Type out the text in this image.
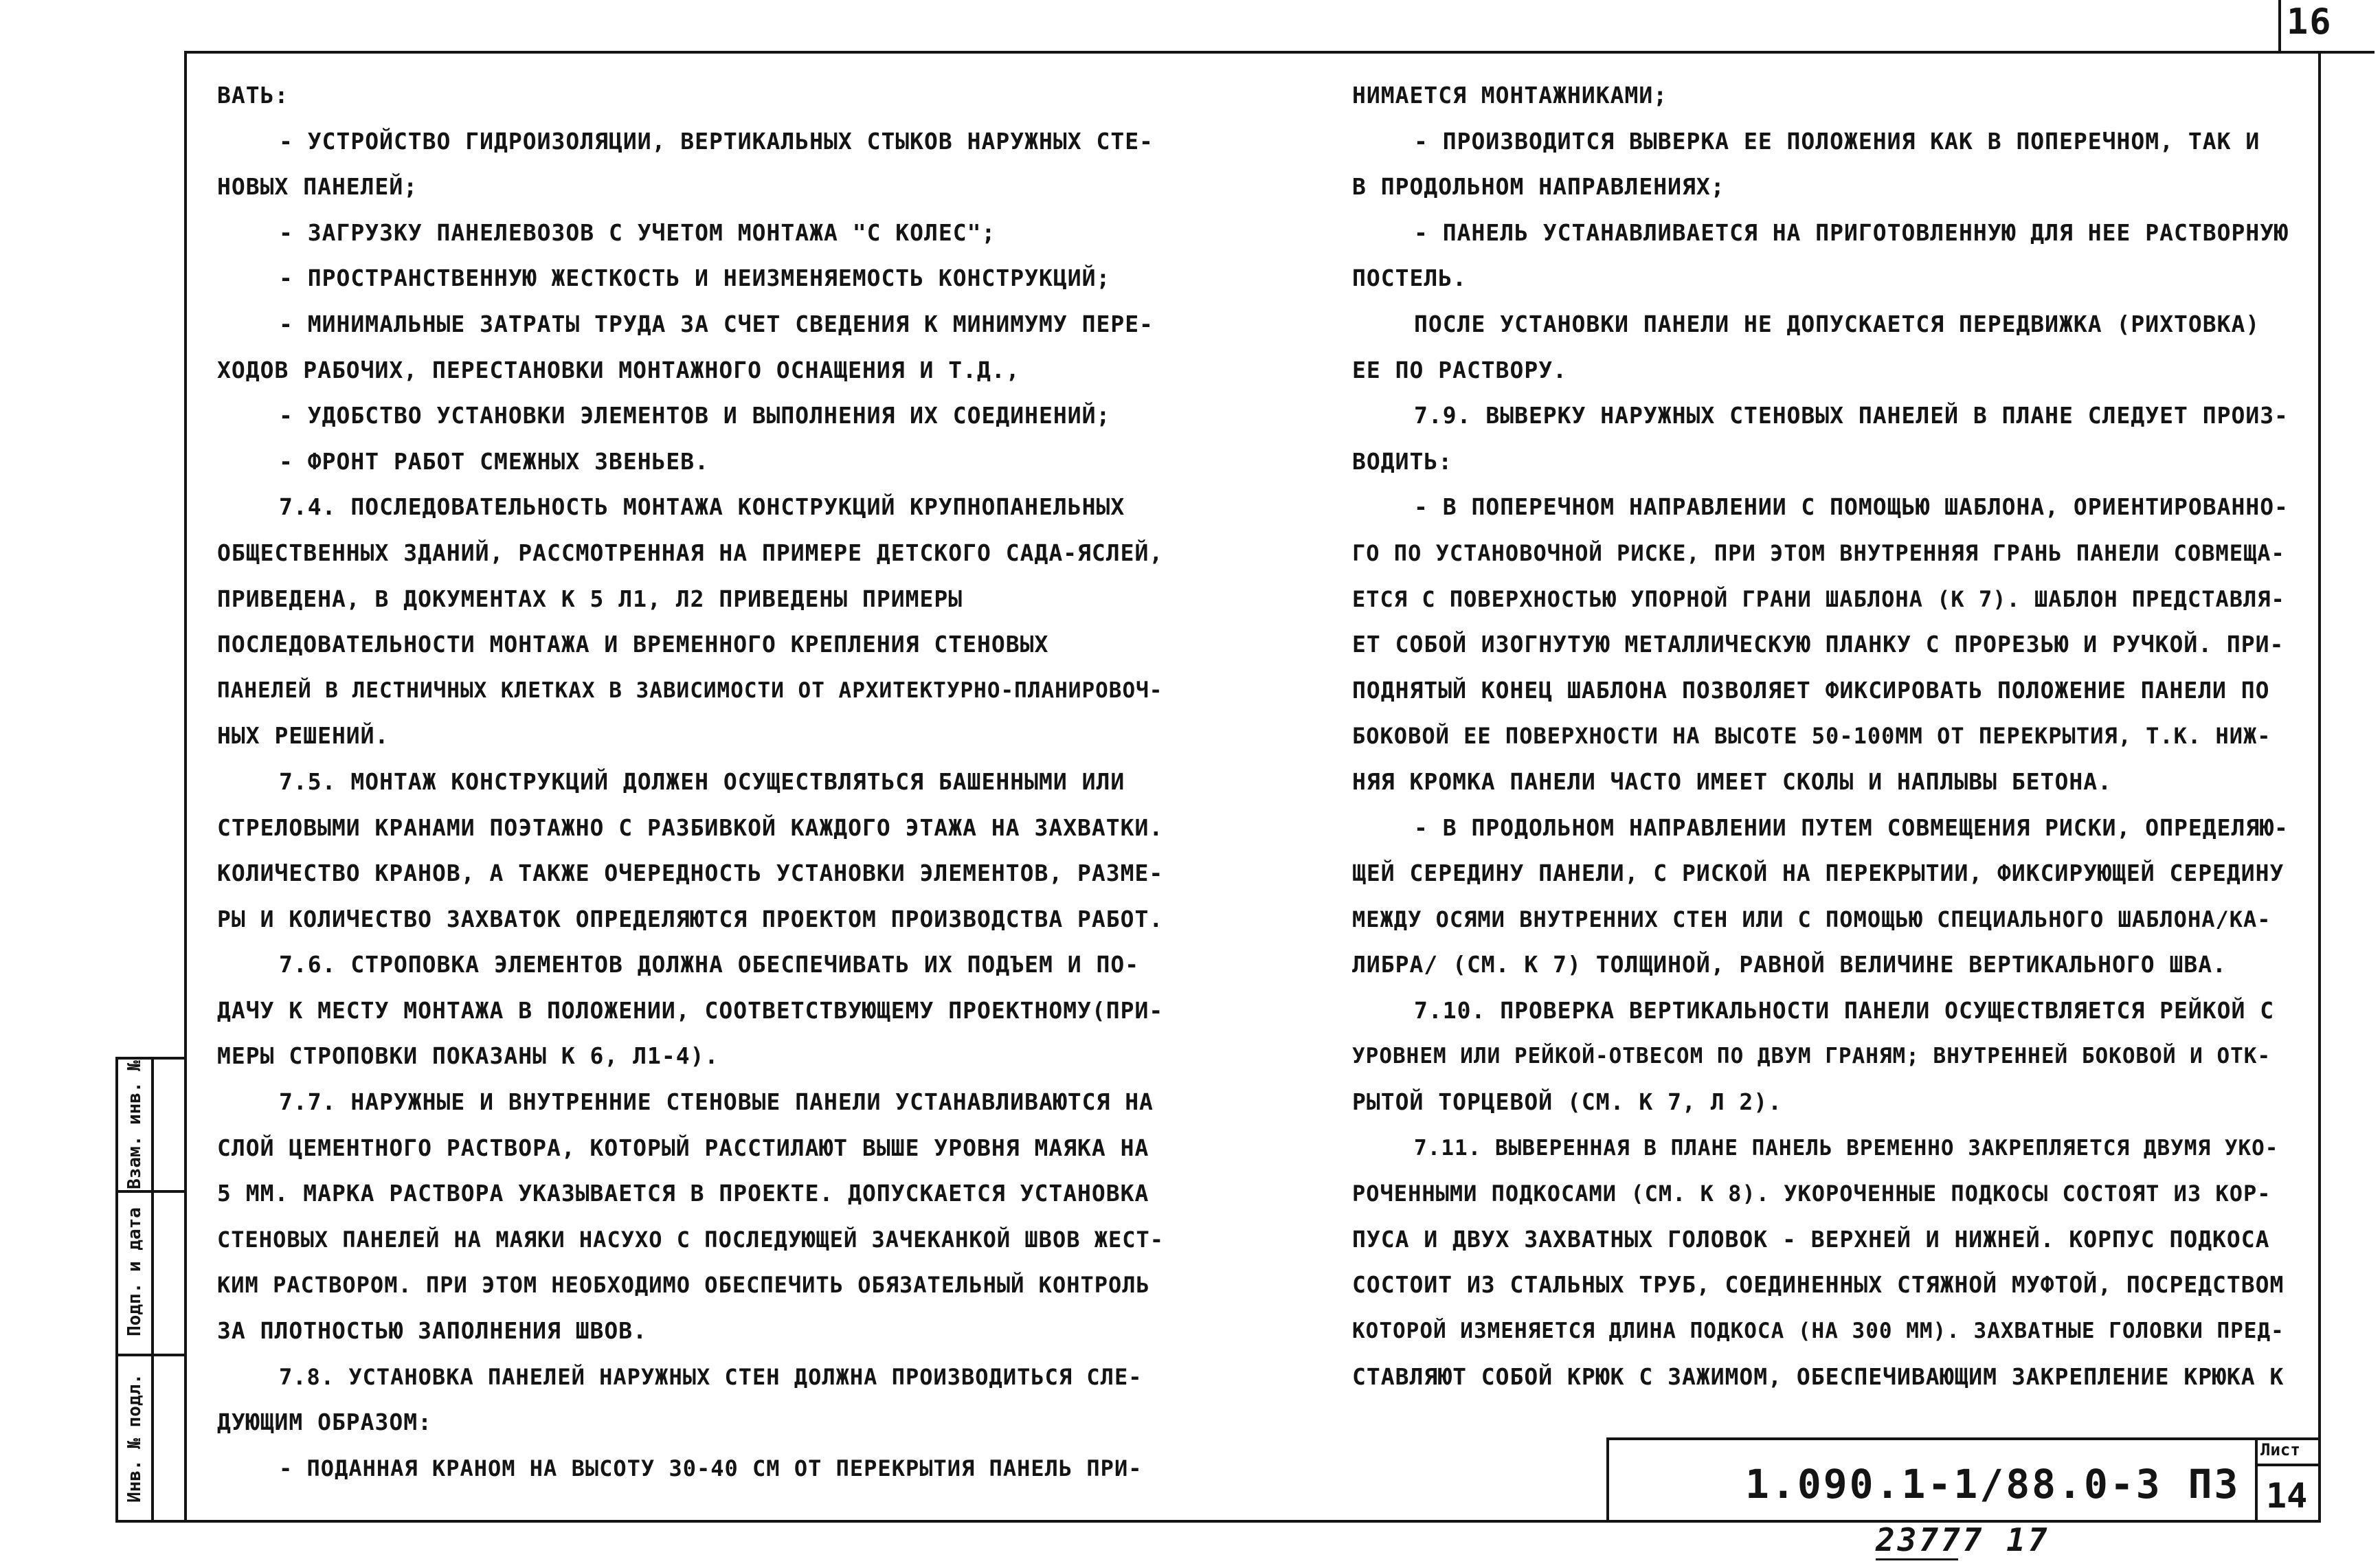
16
ВАТЬ:
- УСТРОЙСТВО ГИДРОИЗОЛЯЦИИ, ВЕРТИКАЛЬНЫХ СТЫКОВ НАРУЖНЫХ СТЕ-
НОВЫХ ПАНЕЛЕЙ;
- ЗАГРУЗКУ ПАНЕЛЕВОЗОВ С УЧЕТОМ МОНТАЖА "С КОЛЕС";
- ПРОСТРАНСТВЕННУЮ ЖЕСТКОСТЬ И НЕИЗМЕНЯЕМОСТЬ КОНСТРУКЦИЙ;
- МИНИМАЛЬНЫЕ ЗАТРАТЫ ТРУДА ЗА СЧЕТ СВЕДЕНИЯ К МИНИМУМУ ПЕРЕ-
ХОДОВ РАБОЧИХ, ПЕРЕСТАНОВКИ МОНТАЖНОГО ОСНАЩЕНИЯ И Т.Д.,
- УДОБСТВО УСТАНОВКИ ЭЛЕМЕНТОВ И ВЫПОЛНЕНИЯ ИХ СОЕДИНЕНИЙ;
- ФРОНТ РАБОТ СМЕЖНЫХ ЗВЕНЬЕВ.
7.4. ПОСЛЕДОВАТЕЛЬНОСТЬ МОНТАЖА КОНСТРУКЦИЙ КРУПНОПАНЕЛЬНЫХ
ОБЩЕСТВЕННЫХ ЗДАНИЙ, РАССМОТРЕННАЯ НА ПРИМЕРЕ ДЕТСКОГО САДА-ЯСЛЕЙ,
ПРИВЕДЕНА, В ДОКУМЕНТАХ К 5 Л1, Л2 ПРИВЕДЕНЫ ПРИМЕРЫ
ПОСЛЕДОВАТЕЛЬНОСТИ МОНТАЖА И ВРЕМЕННОГО КРЕПЛЕНИЯ СТЕНОВЫХ
ПАНЕЛЕЙ В ЛЕСТНИЧНЫХ КЛЕТКАХ В ЗАВИСИМОСТИ ОТ АРХИТЕКТУРНО-ПЛАНИРОВОЧ-
НЫХ РЕШЕНИЙ.
7.5. МОНТАЖ КОНСТРУКЦИЙ ДОЛЖЕН ОСУЩЕСТВЛЯТЬСЯ БАШЕННЫМИ ИЛИ
СТРЕЛОВЫМИ КРАНАМИ ПОЭТАЖНО С РАЗБИВКОЙ КАЖДОГО ЭТАЖА НА ЗАХВАТКИ.
КОЛИЧЕСТВО КРАНОВ, А ТАКЖЕ ОЧЕРЕДНОСТЬ УСТАНОВКИ ЭЛЕМЕНТОВ, РАЗМЕ-
РЫ И КОЛИЧЕСТВО ЗАХВАТОК ОПРЕДЕЛЯЮТСЯ ПРОЕКТОМ ПРОИЗВОДСТВА РАБОТ.
7.6. СТРОПОВКА ЭЛЕМЕНТОВ ДОЛЖНА ОБЕСПЕЧИВАТЬ ИХ ПОДЪЕМ И ПО-
ДАЧУ К МЕСТУ МОНТАЖА В ПОЛОЖЕНИИ, СООТВЕТСТВУЮЩЕМУ ПРОЕКТНОМУ(ПРИ-
МЕРЫ СТРОПОВКИ ПОКАЗАНЫ К 6, Л1-4).
7.7. НАРУЖНЫЕ И ВНУТРЕННИЕ СТЕНОВЫЕ ПАНЕЛИ УСТАНАВЛИВАЮТСЯ НА
СЛОЙ ЦЕМЕНТНОГО РАСТВОРА, КОТОРЫЙ РАССТИЛАЮТ ВЫШЕ УРОВНЯ МАЯКА НА
5 ММ. МАРКА РАСТВОРА УКАЗЫВАЕТСЯ В ПРОЕКТЕ. ДОПУСКАЕТСЯ УСТАНОВКА
СТЕНОВЫХ ПАНЕЛЕЙ НА МАЯКИ НАСУХО С ПОСЛЕДУЮЩЕЙ ЗАЧЕКАНКОЙ ШВОВ ЖЕСТ-
КИМ РАСТВОРОМ. ПРИ ЭТОМ НЕОБХОДИМО ОБЕСПЕЧИТЬ ОБЯЗАТЕЛЬНЫЙ КОНТРОЛЬ
ЗА ПЛОТНОСТЬЮ ЗАПОЛНЕНИЯ ШВОВ.
7.8. УСТАНОВКА ПАНЕЛЕЙ НАРУЖНЫХ СТЕН ДОЛЖНА ПРОИЗВОДИТЬСЯ СЛЕ-
ДУЮЩИМ ОБРАЗОМ:
- ПОДАННАЯ КРАНОМ НА ВЫСОТУ 30-40 СМ ОТ ПЕРЕКРЫТИЯ ПАНЕЛЬ ПРИ-
НИМАЕТСЯ МОНТАЖНИКАМИ;
- ПРОИЗВОДИТСЯ ВЫВЕРКА ЕЕ ПОЛОЖЕНИЯ КАК В ПОПЕРЕЧНОМ, ТАК И
В ПРОДОЛЬНОМ НАПРАВЛЕНИЯХ;
- ПАНЕЛЬ УСТАНАВЛИВАЕТСЯ НА ПРИГОТОВЛЕННУЮ ДЛЯ НЕЕ РАСТВОРНУЮ
ПОСТЕЛЬ.
ПОСЛЕ УСТАНОВКИ ПАНЕЛИ НЕ ДОПУСКАЕТСЯ ПЕРЕДВИЖКА (РИХТОВКА)
ЕЕ ПО РАСТВОРУ.
7.9. ВЫВЕРКУ НАРУЖНЫХ СТЕНОВЫХ ПАНЕЛЕЙ В ПЛАНЕ СЛЕДУЕТ ПРОИЗ-
ВОДИТЬ:
- В ПОПЕРЕЧНОМ НАПРАВЛЕНИИ С ПОМОЩЬЮ ШАБЛОНА, ОРИЕНТИРОВАННО-
ГО ПО УСТАНОВОЧНОЙ РИСКЕ, ПРИ ЭТОМ ВНУТРЕННЯЯ ГРАНЬ ПАНЕЛИ СОВМЕЩА-
ЕТСЯ С ПОВЕРХНОСТЬЮ УПОРНОЙ ГРАНИ ШАБЛОНА (К 7). ШАБЛОН ПРЕДСТАВЛЯ-
ЕТ СОБОЙ ИЗОГНУТУЮ МЕТАЛЛИЧЕСКУЮ ПЛАНКУ С ПРОРЕЗЬЮ И РУЧКОЙ. ПРИ-
ПОДНЯТЫЙ КОНЕЦ ШАБЛОНА ПОЗВОЛЯЕТ ФИКСИРОВАТЬ ПОЛОЖЕНИЕ ПАНЕЛИ ПО
БОКОВОЙ ЕЕ ПОВЕРХНОСТИ НА ВЫСОТЕ 50-100ММ ОТ ПЕРЕКРЫТИЯ, Т.К. НИЖ-
НЯЯ КРОМКА ПАНЕЛИ ЧАСТО ИМЕЕТ СКОЛЫ И НАПЛЫВЫ БЕТОНА.
- В ПРОДОЛЬНОМ НАПРАВЛЕНИИ ПУТЕМ СОВМЕЩЕНИЯ РИСКИ, ОПРЕДЕЛЯЮ-
ЩЕЙ СЕРЕДИНУ ПАНЕЛИ, С РИСКОЙ НА ПЕРЕКРЫТИИ, ФИКСИРУЮЩЕЙ СЕРЕДИНУ
МЕЖДУ ОСЯМИ ВНУТРЕННИХ СТЕН ИЛИ С ПОМОЩЬЮ СПЕЦИАЛЬНОГО ШАБЛОНА/КА-
ЛИБРА/ (СМ. К 7) ТОЛЩИНОЙ, РАВНОЙ ВЕЛИЧИНЕ ВЕРТИКАЛЬНОГО ШВА.
7.10. ПРОВЕРКА ВЕРТИКАЛЬНОСТИ ПАНЕЛИ ОСУЩЕСТВЛЯЕТСЯ РЕЙКОЙ С
УРОВНЕМ ИЛИ РЕЙКОЙ-ОТВЕСОМ ПО ДВУМ ГРАНЯМ; ВНУТРЕННЕЙ БОКОВОЙ И ОТК-
РЫТОЙ ТОРЦЕВОЙ (СМ. К 7, Л 2).
7.11. ВЫВЕРЕННАЯ В ПЛАНЕ ПАНЕЛЬ ВРЕМЕННО ЗАКРЕПЛЯЕТСЯ ДВУМЯ УКО-
РОЧЕННЫМИ ПОДКОСАМИ (СМ. К 8). УКОРОЧЕННЫЕ ПОДКОСЫ СОСТОЯТ ИЗ КОР-
ПУСА И ДВУХ ЗАХВАТНЫХ ГОЛОВОК - ВЕРХНЕЙ И НИЖНЕЙ. КОРПУС ПОДКОСА
СОСТОИТ ИЗ СТАЛЬНЫХ ТРУБ, СОЕДИНЕННЫХ СТЯЖНОЙ МУФТОЙ, ПОСРЕДСТВОМ
КОТОРОЙ ИЗМЕНЯЕТСЯ ДЛИНА ПОДКОСА (НА 300 ММ). ЗАХВАТНЫЕ ГОЛОВКИ ПРЕД-
СТАВЛЯЮТ СОБОЙ КРЮК С ЗАЖИМОМ, ОБЕСПЕЧИВАЮЩИМ ЗАКРЕПЛЕНИЕ КРЮКА К
Взам. инв. №
Подп. и дата
Инв. № подл.	1.090.1-1/88.0-3 ПЗ
Лист
14
23777 17
